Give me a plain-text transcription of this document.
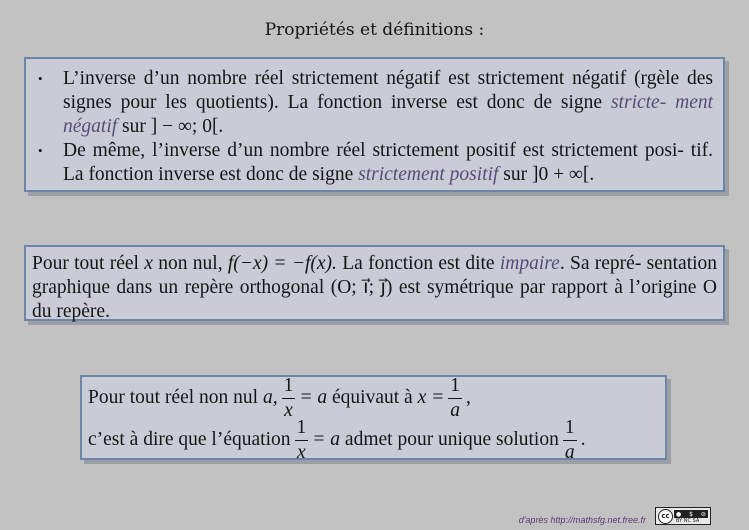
Propriétés et définitions :
•	L’inverse d’un nombre réel strictement négatif est strictement négatif (rgèle des signes pour les quotients). La fonction inverse est donc de signe stricte- ment négatif sur ] − ∞; 0[.
•	De même, l’inverse d’un nombre réel strictement positif est strictement posi- tif. La fonction inverse est donc de signe strictement positif sur ]0 + ∞[.
Pour tout réel x non nul, f(−x) = −f(x). La fonction est dite impaire. Sa repré- sentation graphique dans un repère orthogonal (O; i⃗; j⃗) est symétrique par rapport à l’origine O du repère.
Pour tout réel non nul
a, $\frac{1}{x} = a$
équivaut à
$x = \frac{1}{a}$ ,
c’est à dire que l’équation $\frac{1}{x} = a$
admet pour unique solution $\frac{1}{a}$ .
d'après http://mathsfg.net.free.fr	cc	● $ ⊜
BY NC SA
